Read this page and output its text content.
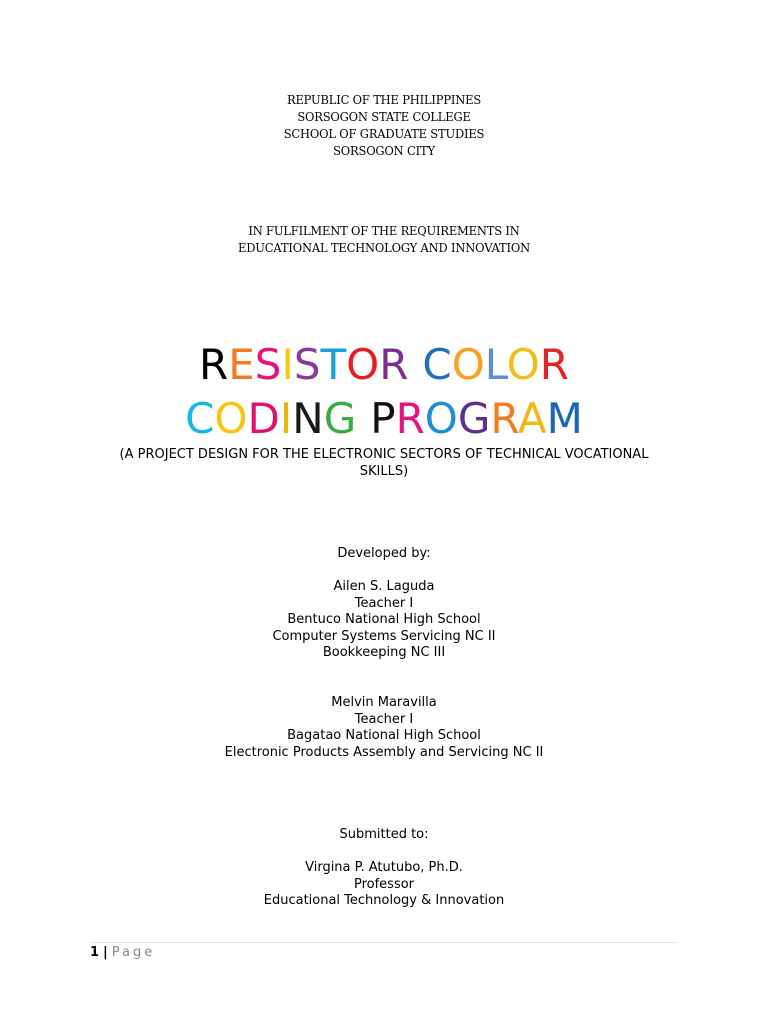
REPUBLIC OF THE PHILIPPINES
SORSOGON STATE COLLEGE
SCHOOL OF GRADUATE STUDIES
SORSOGON CITY
IN FULFILMENT OF THE REQUIREMENTS IN
EDUCATIONAL TECHNOLOGY AND INNOVATION
RESISTOR COLOR
CODING PROGRAM
(A PROJECT DESIGN FOR THE ELECTRONIC SECTORS OF TECHNICAL VOCATIONAL SKILLS)
Developed by:
Ailen S. Laguda
Teacher I
Bentuco National High School
Computer Systems Servicing NC II
Bookkeeping NC III
Melvin Maravilla
Teacher I
Bagatao National High School
Electronic Products Assembly and Servicing NC II
Submitted to:
Virgina P. Atutubo, Ph.D.
Professor
Educational Technology & Innovation
1 | Page
